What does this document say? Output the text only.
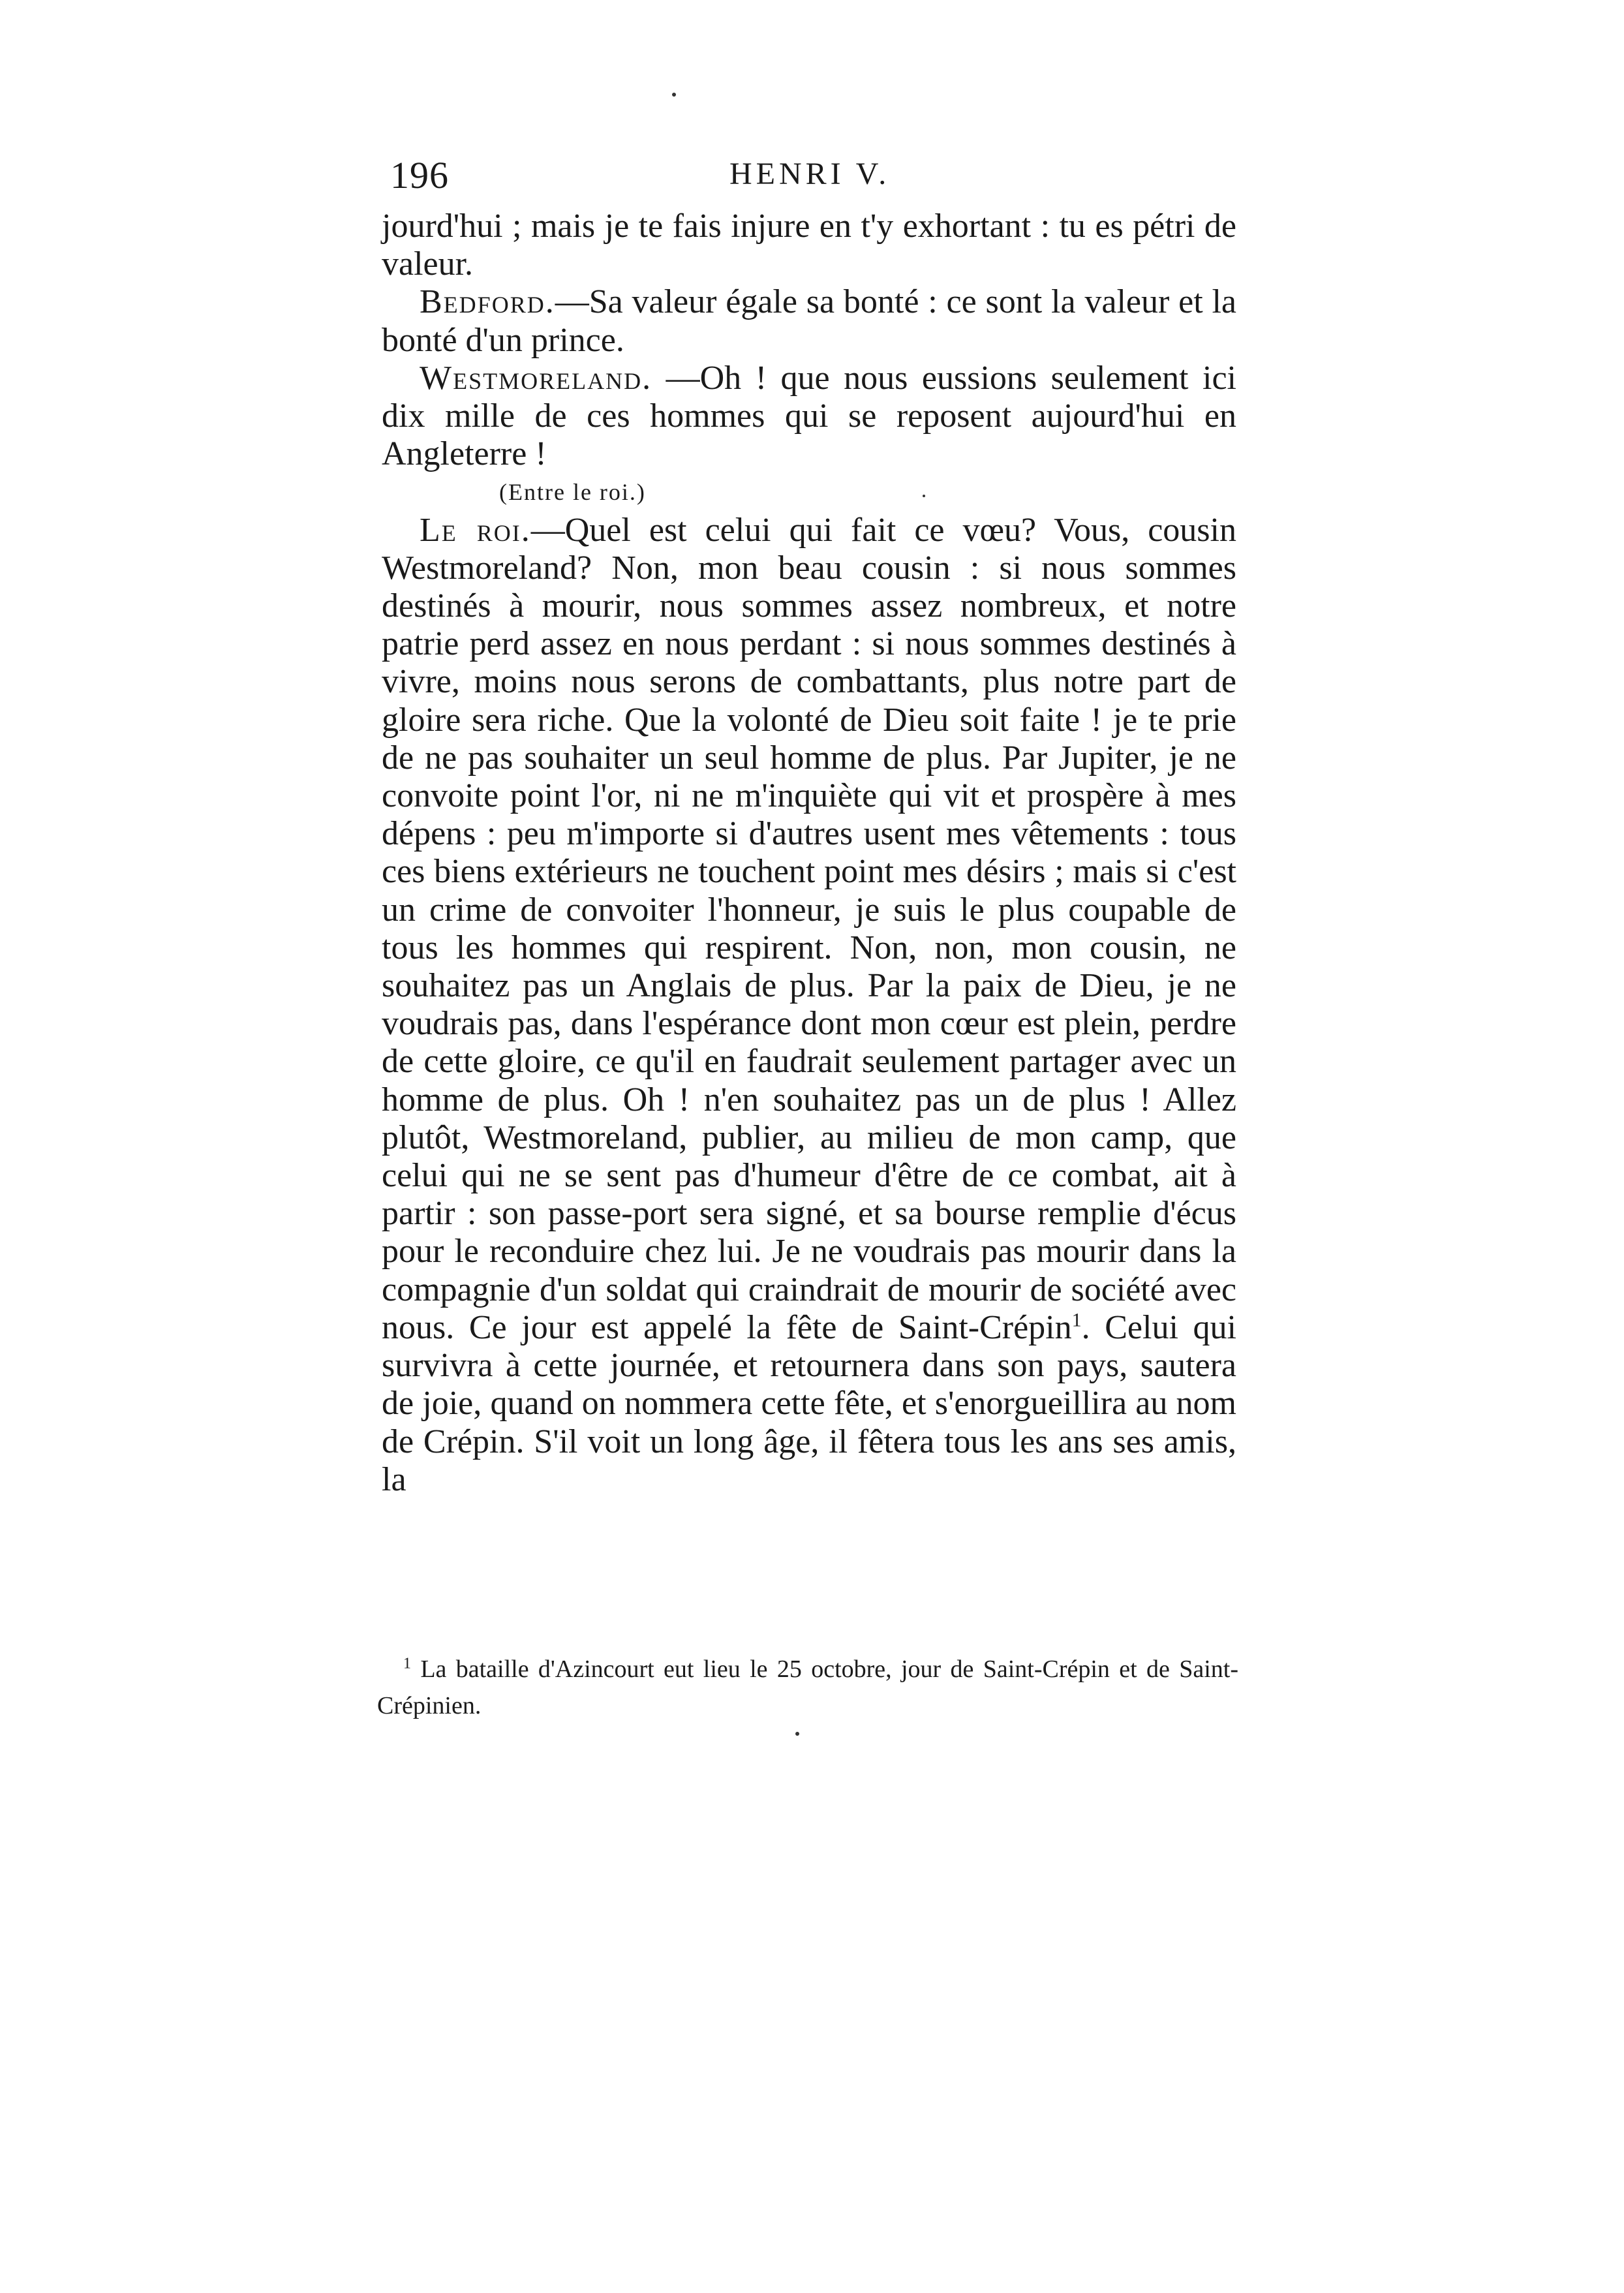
196	HENRI V.

jourd'hui ; mais je te fais injure en t'y exhortant : tu es pétri de valeur.

Bedford.—Sa valeur égale sa bonté : ce sont la valeur et la bonté d'un prince.

Westmoreland. —Oh ! que nous eussions seulement ici dix mille de ces hommes qui se reposent aujourd'hui en Angleterre !

(Entre le roi.)

Le roi.—Quel est celui qui fait ce vœu? Vous, cousin Westmoreland? Non, mon beau cousin : si nous sommes destinés à mourir, nous sommes assez nombreux, et notre patrie perd assez en nous perdant : si nous sommes destinés à vivre, moins nous serons de combattants, plus notre part de gloire sera riche. Que la volonté de Dieu soit faite ! je te prie de ne pas souhaiter un seul homme de plus. Par Jupiter, je ne convoite point l'or, ni ne m'inquiète qui vit et prospère à mes dépens : peu m'importe si d'autres usent mes vêtements : tous ces biens extérieurs ne touchent point mes désirs ; mais si c'est un crime de convoiter l'honneur, je suis le plus coupable de tous les hommes qui respirent. Non, non, mon cousin, ne souhaitez pas un Anglais de plus. Par la paix de Dieu, je ne voudrais pas, dans l'espérance dont mon cœur est plein, perdre de cette gloire, ce qu'il en faudrait seulement partager avec un homme de plus. Oh ! n'en souhaitez pas un de plus ! Allez plutôt, Westmoreland, publier, au milieu de mon camp, que celui qui ne se sent pas d'humeur d'être de ce combat, ait à partir : son passe-port sera signé, et sa bourse remplie d'écus pour le reconduire chez lui. Je ne voudrais pas mourir dans la compagnie d'un soldat qui craindrait de mourir de société avec nous. Ce jour est appelé la fête de Saint-Crépin$^1$. Celui qui survivra à cette journée, et retournera dans son pays, sautera de joie, quand on nommera cette fête, et s'enorgueillira au nom de Crépin. S'il voit un long âge, il fêtera tous les ans ses amis, la

$^1$ La bataille d'Azincourt eut lieu le 25 octobre, jour de Saint-Crépin et de Saint-Crépinien.
